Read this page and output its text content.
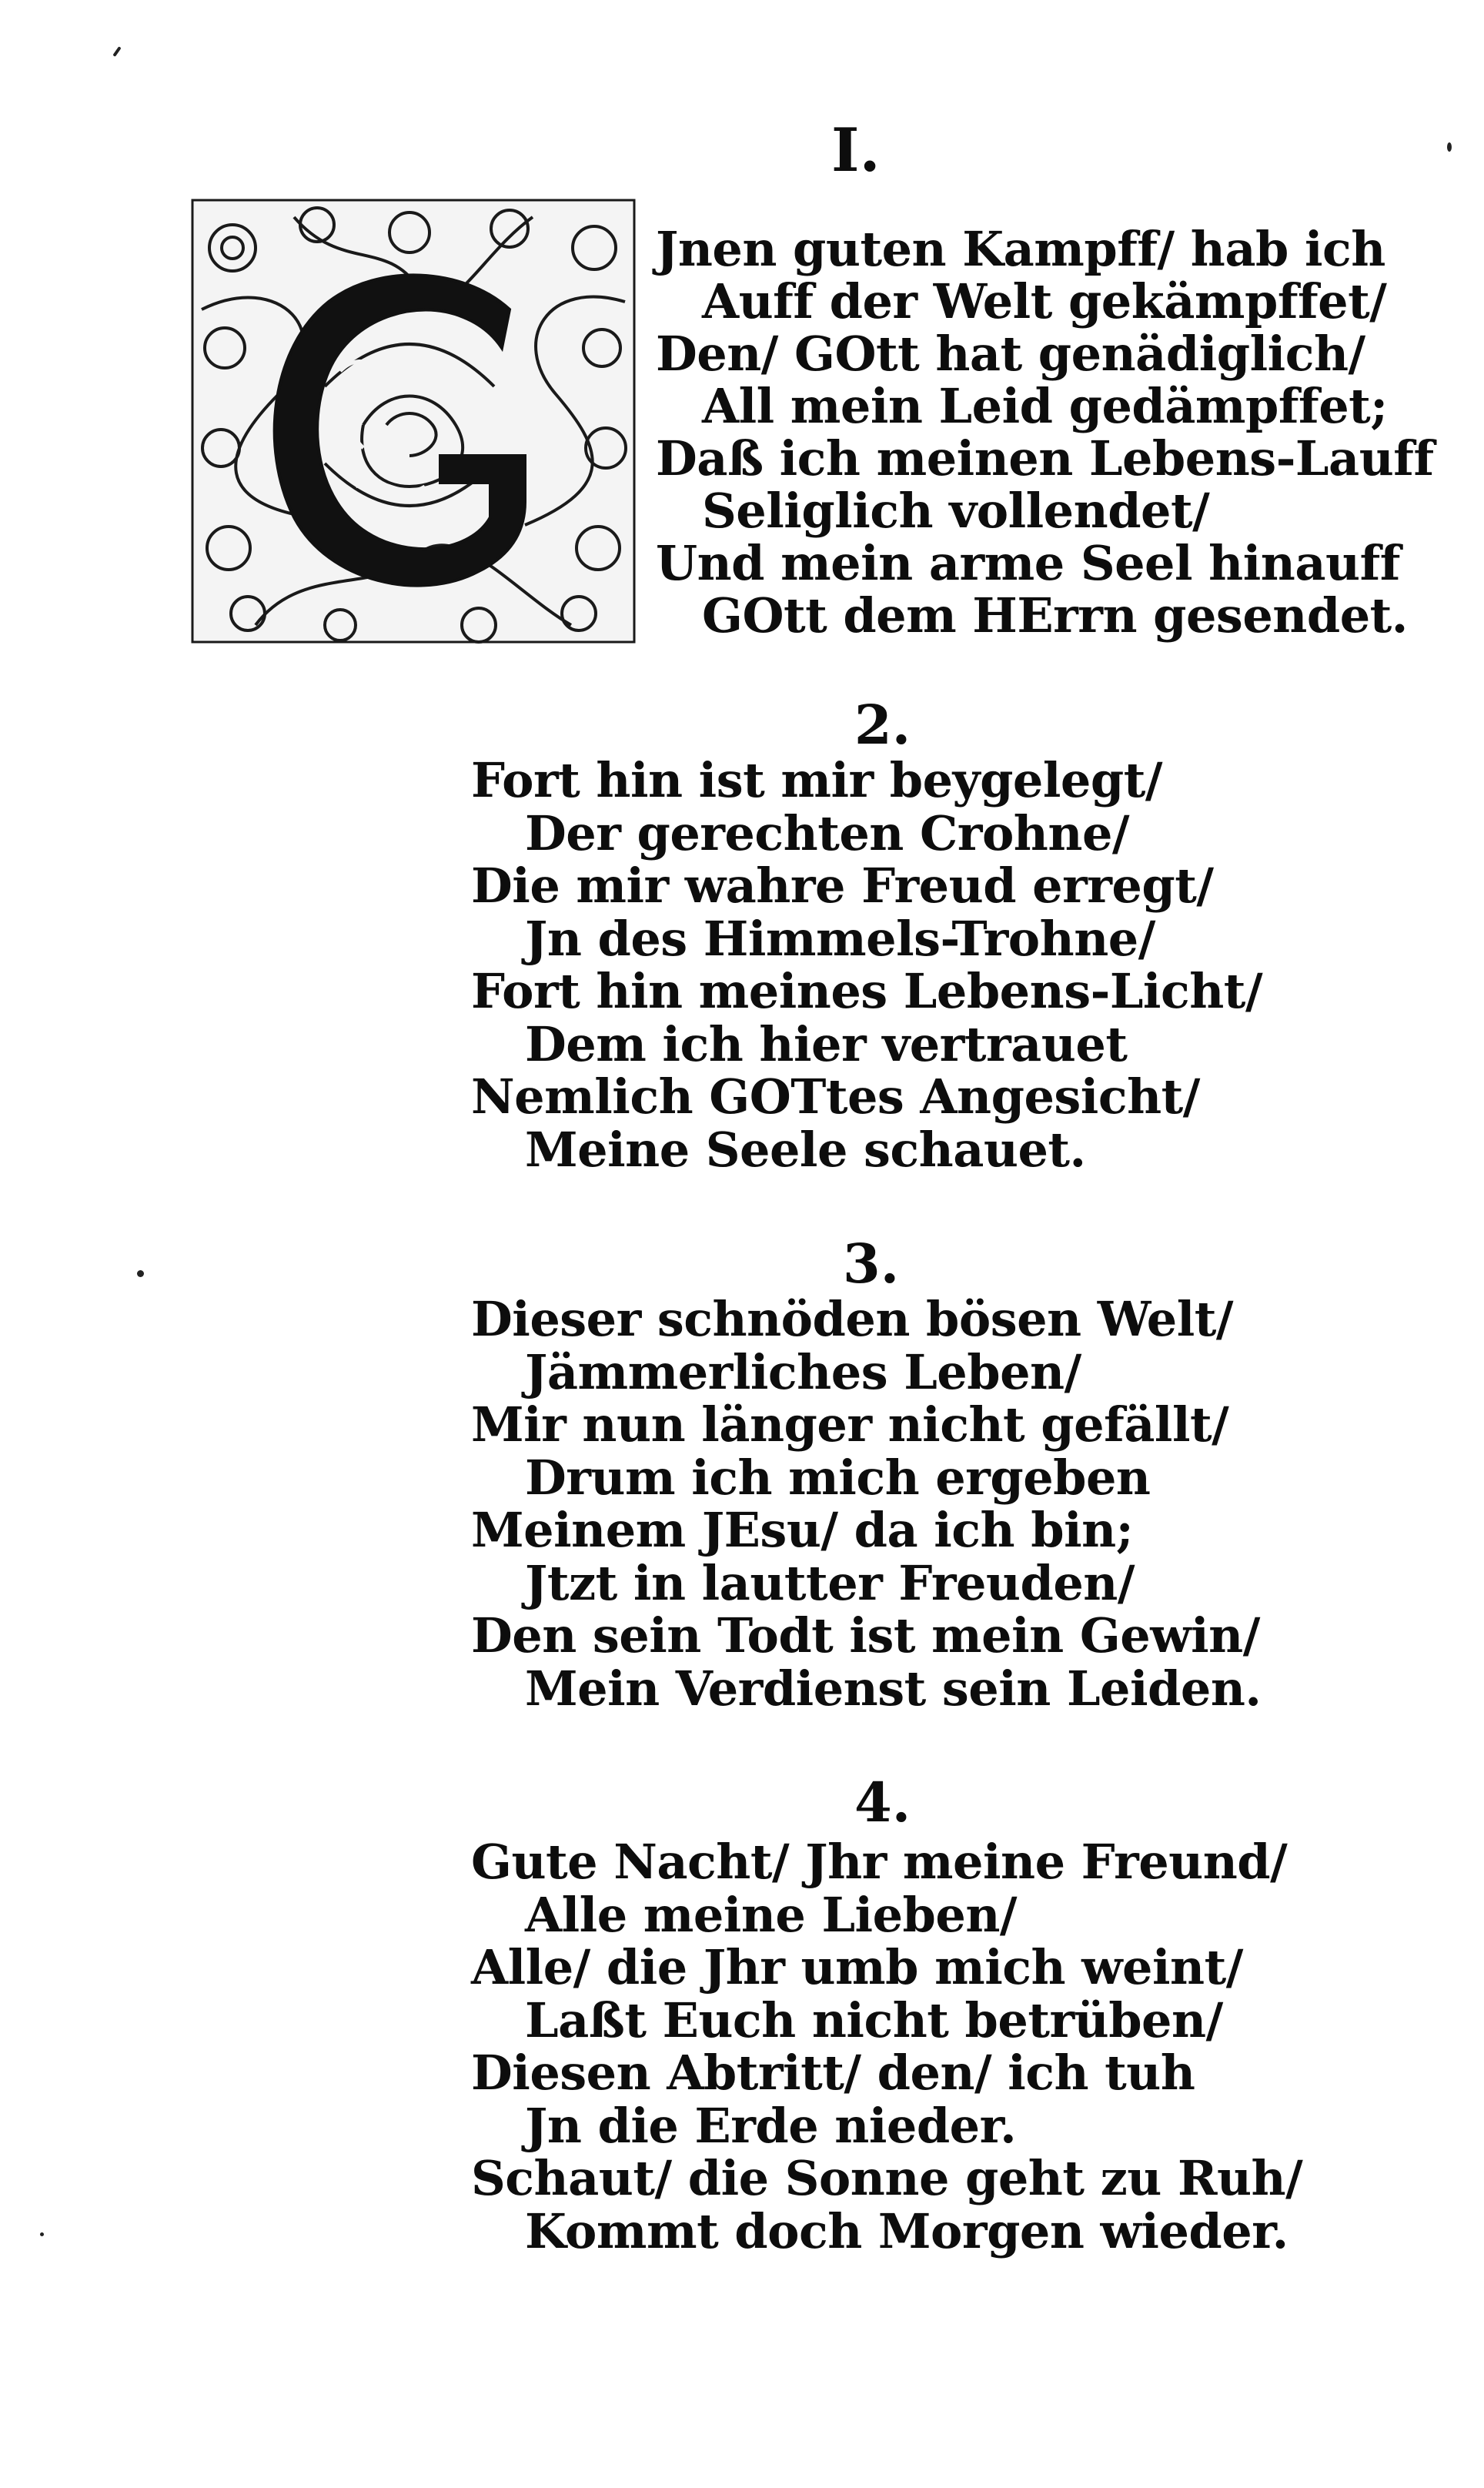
I.
Jnen guten Kampff/ hab ich
Auff der Welt gekämpffet/
Den/ GOtt hat genädiglich/
All mein Leid gedämpffet;
Daß ich meinen Lebens-Lauff
Seliglich vollendet/
Und mein arme Seel hinauff
GOtt dem HErrn gesendet.
2.
Fort hin ist mir beygelegt/
Der gerechten Crohne/
Die mir wahre Freud erregt/
Jn des Himmels-Trohne/
Fort hin meines Lebens-Licht/
Dem ich hier vertrauet
Nemlich GOTtes Angesicht/
Meine Seele schauet.
3.
Dieser schnöden bösen Welt/
Jämmerliches Leben/
Mir nun länger nicht gefällt/
Drum ich mich ergeben
Meinem JEsu/ da ich bin;
Jtzt in lautter Freuden/
Den sein Todt ist mein Gewin/
Mein Verdienst sein Leiden.
4.
Gute Nacht/ Jhr meine Freund/
Alle meine Lieben/
Alle/ die Jhr umb mich weint/
Laßt Euch nicht betrüben/
Diesen Abtritt/ den/ ich tuh
Jn die Erde nieder.
Schaut/ die Sonne geht zu Ruh/
Kommt doch Morgen wieder.
